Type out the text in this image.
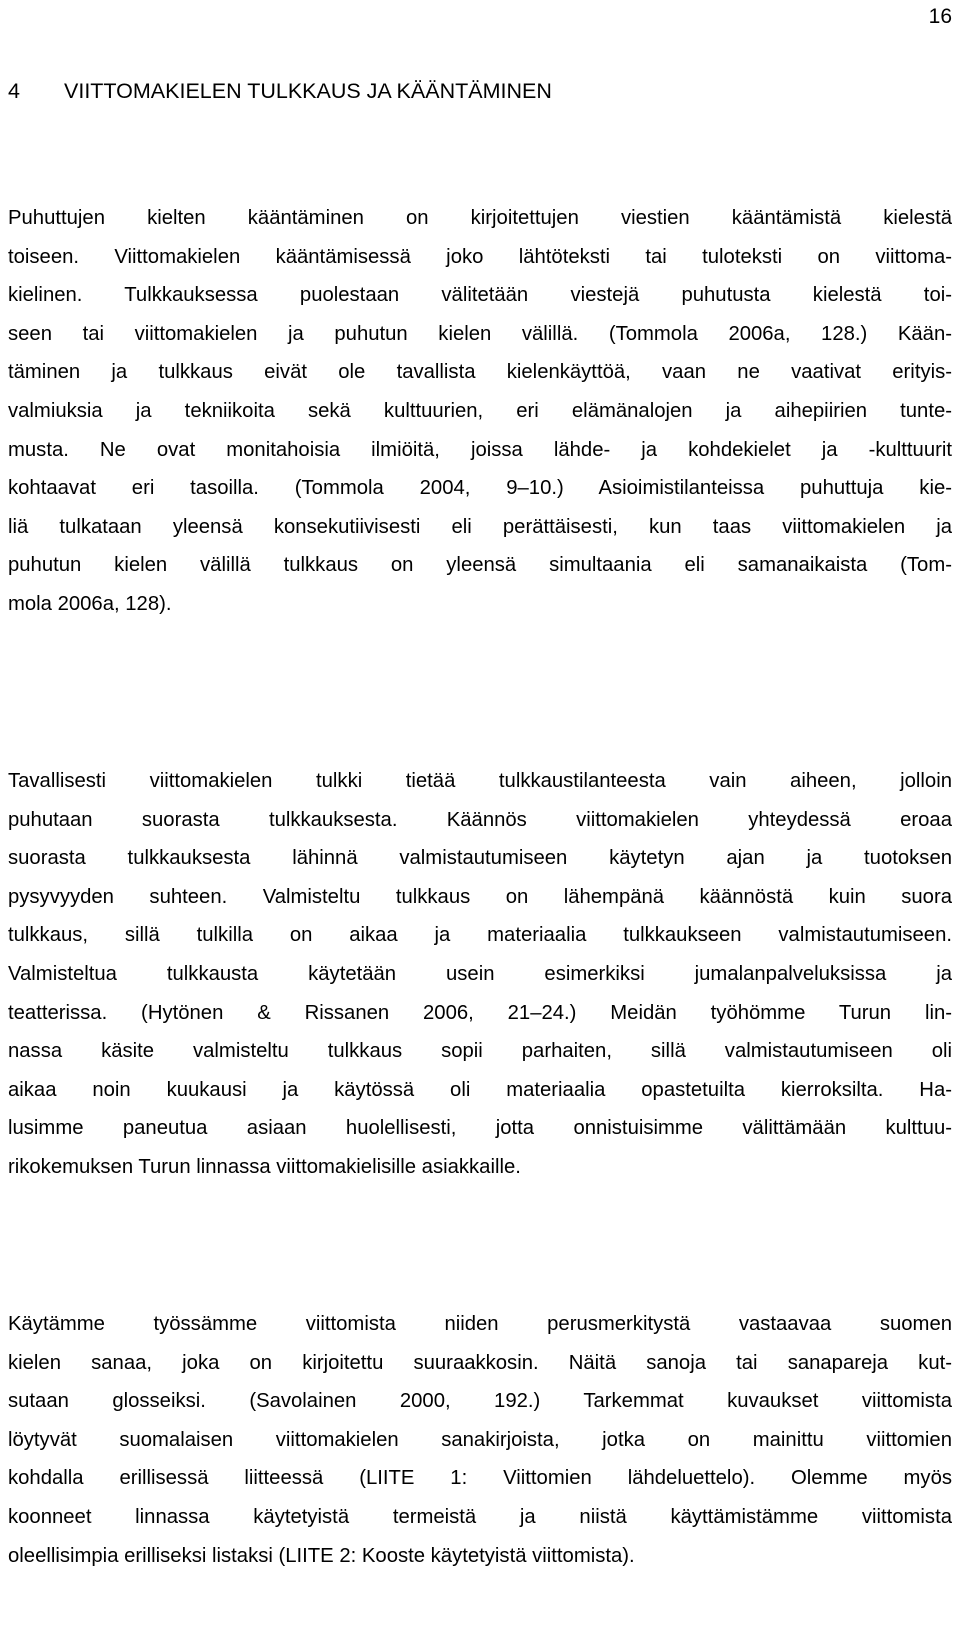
16
4 VIITTOMAKIELEN TULKKAUS JA KÄÄNTÄMINEN
Puhuttujen kielten kääntäminen on kirjoitettujen viestien kääntämistä kielestä
toiseen. Viittomakielen kääntämisessä joko lähtöteksti tai tuloteksti on viittoma-
kielinen. Tulkkauksessa puolestaan välitetään viestejä puhutusta kielestä toi-
seen tai viittomakielen ja puhutun kielen välillä. (Tommola 2006a, 128.) Kään-
täminen ja tulkkaus eivät ole tavallista kielenkäyttöä, vaan ne vaativat erityis-
valmiuksia ja tekniikoita sekä kulttuurien, eri elämänalojen ja aihepiirien tunte-
musta. Ne ovat monitahoisia ilmiöitä, joissa lähde- ja kohdekielet ja -kulttuurit
kohtaavat eri tasoilla. (Tommola 2004, 9–10.) Asioimistilanteissa puhuttuja kie-
liä tulkataan yleensä konsekutiivisesti eli perättäisesti, kun taas viittomakielen ja
puhutun kielen välillä tulkkaus on yleensä simultaania eli samanaikaista (Tom-
mola 2006a, 128).
Tavallisesti viittomakielen tulkki tietää tulkkaustilanteesta vain aiheen, jolloin
puhutaan suorasta tulkkauksesta. Käännös viittomakielen yhteydessä eroaa
suorasta tulkkauksesta lähinnä valmistautumiseen käytetyn ajan ja tuotoksen
pysyvyyden suhteen. Valmisteltu tulkkaus on lähempänä käännöstä kuin suora
tulkkaus, sillä tulkilla on aikaa ja materiaalia tulkkaukseen valmistautumiseen.
Valmisteltua tulkkausta käytetään usein esimerkiksi jumalanpalveluksissa ja
teatterissa. (Hytönen & Rissanen 2006, 21–24.) Meidän työhömme Turun lin-
nassa käsite valmisteltu tulkkaus sopii parhaiten, sillä valmistautumiseen oli
aikaa noin kuukausi ja käytössä oli materiaalia opastetuilta kierroksilta. Ha-
lusimme paneutua asiaan huolellisesti, jotta onnistuisimme välittämään kulttuu-
rikokemuksen Turun linnassa viittomakielisille asiakkaille.
Käytämme työssämme viittomista niiden perusmerkitystä vastaavaa suomen
kielen sanaa, joka on kirjoitettu suuraakkosin. Näitä sanoja tai sanapareja kut-
sutaan glosseiksi. (Savolainen 2000, 192.) Tarkemmat kuvaukset viittomista
löytyvät suomalaisen viittomakielen sanakirjoista, jotka on mainittu viittomien
kohdalla erillisessä liitteessä (LIITE 1: Viittomien lähdeluettelo). Olemme myös
koonneet linnassa käytetyistä termeistä ja niistä käyttämistämme viittomista
oleellisimpia erilliseksi listaksi (LIITE 2: Kooste käytetyistä viittomista).
